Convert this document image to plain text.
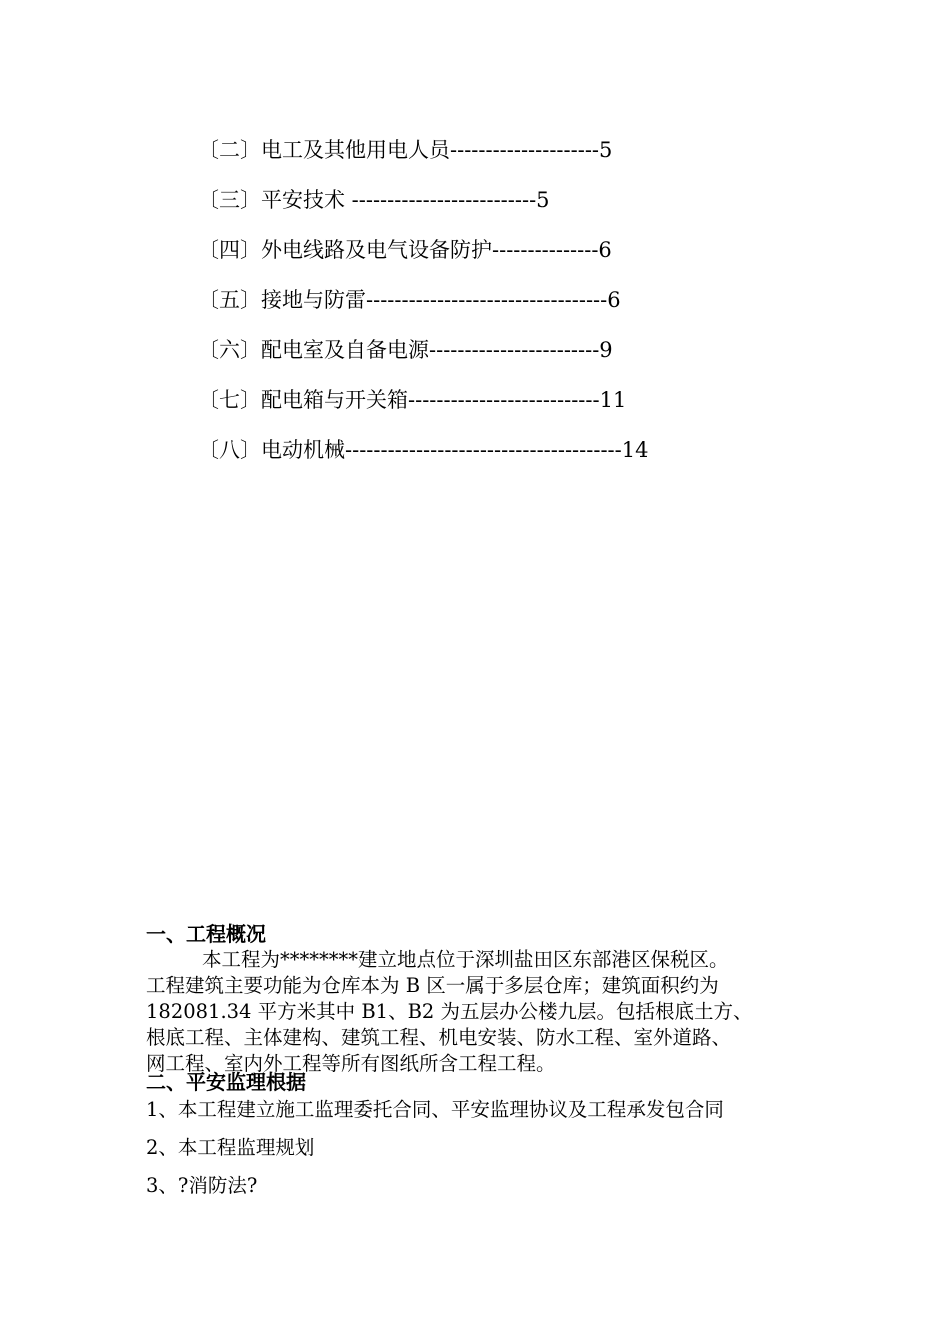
〔二〕电工及其他用电人员---------------------5
〔三〕平安技术 --------------------------5
〔四〕外电线路及电气设备防护---------------6
〔五〕接地与防雷----------------------------------6
〔六〕配电室及自备电源------------------------9
〔七〕配电箱与开关箱---------------------------11
〔八〕电动机械---------------------------------------14
一、工程概况
本工程为********建立地点位于深圳盐田区东部港区保税区。
工程建筑主要功能为仓库本为 B 区一属于多层仓库；建筑面积约为
182081.34 平方米其中 B1、B2 为五层办公楼九层。包括根底土方、
根底工程、主体建构、建筑工程、机电安装、防水工程、室外道路、
网工程、室内外工程等所有图纸所含工程工程。
二、平安监理根据
1、本工程建立施工监理委托合同、平安监理协议及工程承发包合同
2、本工程监理规划
3、?消防法?
